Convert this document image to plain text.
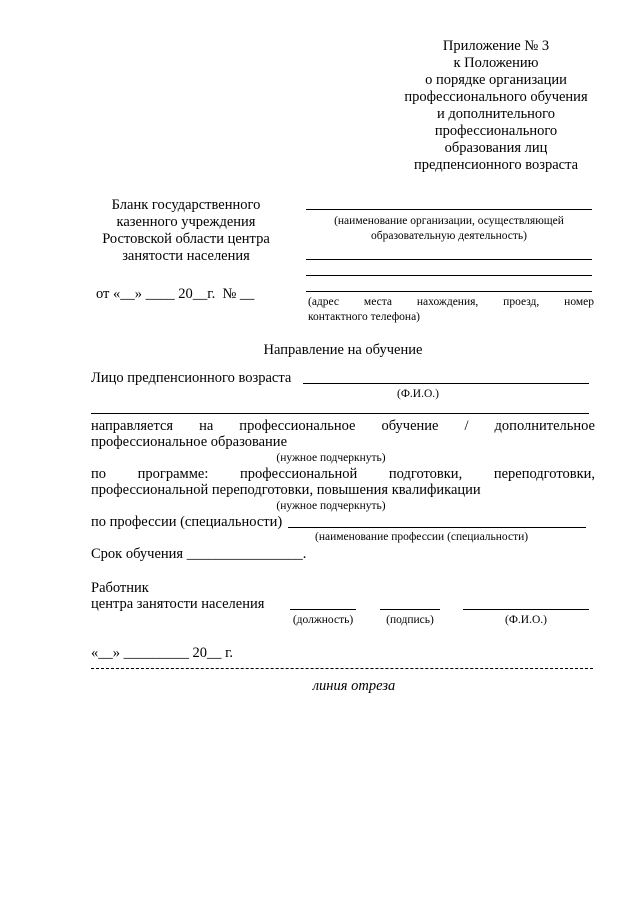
Приложение № 3
к Положению
о порядке организации
профессионального обучения
и дополнительного
профессионального
образования лиц
предпенсионного возраста
Бланк государственного
казенного учреждения
Ростовской области центра
занятости населения
от «__» ____ 20__г.  № __
(наименование организации, осуществляющей
образовательную деятельность)
(адрес места нахождения, проезд, номер
контактного телефона)
Направление на обучение
Лицо предпенсионного возраста
(Ф.И.О.)
направляется на профессиональное обучение / дополнительное
профессиональное образование
(нужное подчеркнуть)
по программе: профессиональной подготовки, переподготовки,
профессиональной переподготовки, повышения квалификации
(нужное подчеркнуть)
по профессии (специальности)
(наименование профессии (специальности)
Срок обучения ________________.
Работник
центра занятости населения
(должность)	(подпись)	(Ф.И.О.)
«__» _________ 20__ г.
линия отреза
